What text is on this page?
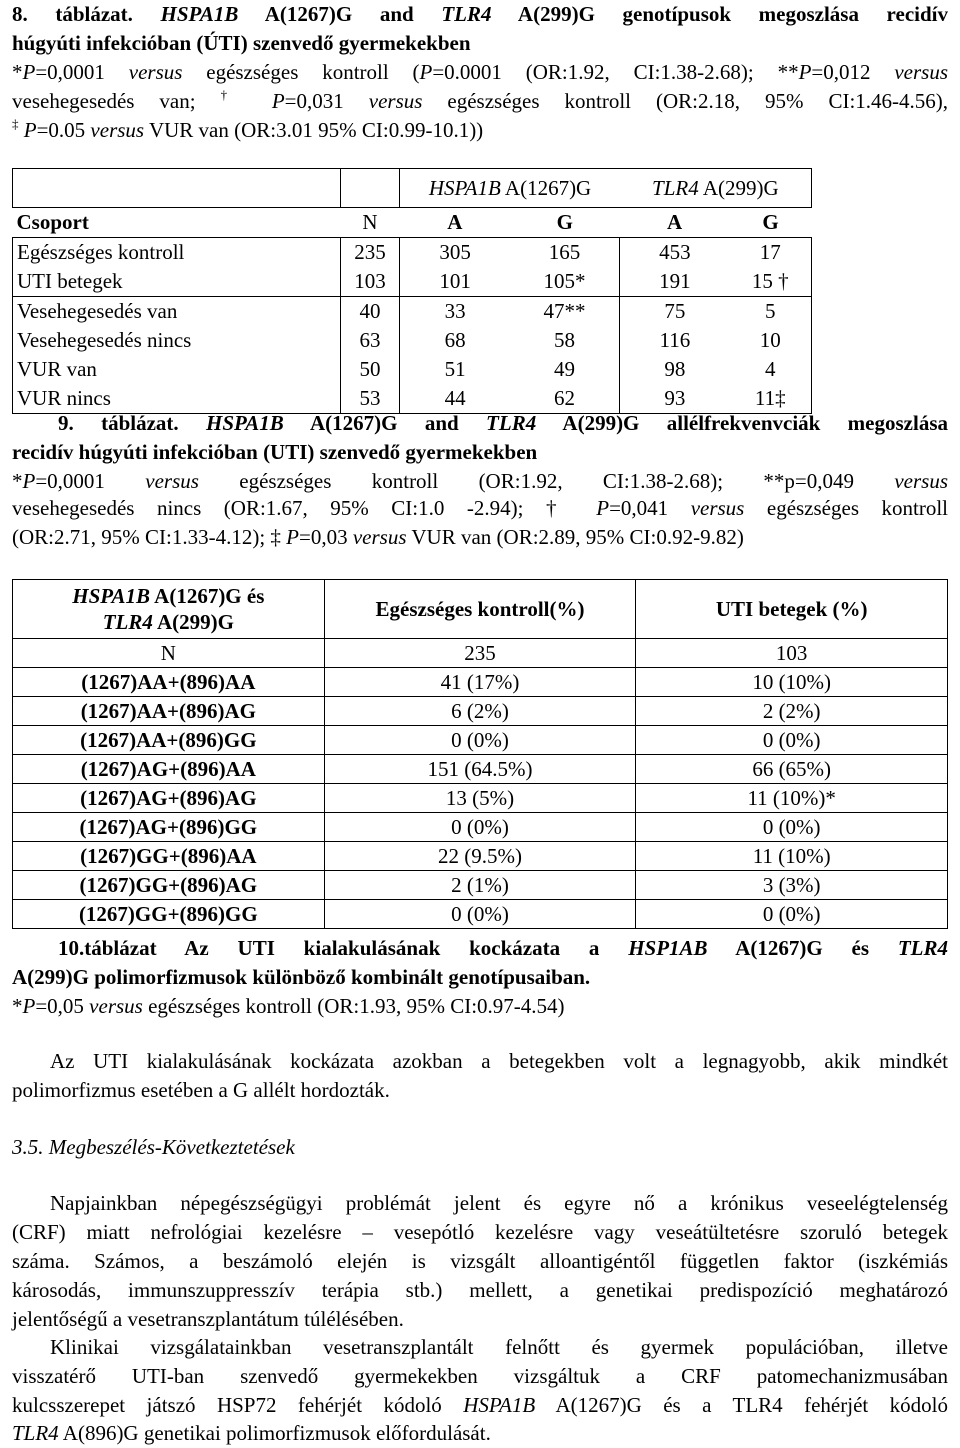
8. táblázat. HSPA1B A(1267)G and TLR4 A(299)G genotípusok megoszlása recidív
húgyúti infekcióban (ÚTI) szenvedő gyermekekben
*P=0,0001 versus egészséges kontroll (P=0.0001 (OR:1.92, CI:1.38-2.68); **P=0,012 versus
vesehegesedés van; † P=0,031 versus egészséges kontroll (OR:2.18, 95% CI:1.46-4.56),
‡ P=0.05 versus VUR van (OR:3.01 95% CI:0.99-10.1))
		HSPA1B A(1267)G		TLR4 A(299)G	
Csoport	N	A	G	A	G
Egészséges kontroll	235	305	165	453	17
UTI betegek	103	101	105*	191	15 †
Vesehegesedés van	40	33	47**	75	5
Vesehegesedés nincs	63	68	58	116	10
VUR van	50	51	49	98	4
VUR nincs	53	44	62	93	11‡
9. táblázat. HSPA1B A(1267)G and TLR4 A(299)G allélfrekvenvciák megoszlása
recidív húgyúti infekcióban (UTI) szenvedő gyermekekben
*P=0,0001 versus egészséges kontroll (OR:1.92, CI:1.38-2.68); **p=0,049 versus
vesehegesedés nincs (OR:1.67, 95% CI:1.0 -2.94); † P=0,041 versus egészséges kontroll
(OR:2.71, 95% CI:1.33-4.12); ‡ P=0,03 versus VUR van (OR:2.89, 95% CI:0.92-9.82)
HSPA1B A(1267)G és
TLR4 A(299)G	Egészséges kontroll(%)	UTI betegek (%)
N	235	103
(1267)AA+(896)AA	41 (17%)	10 (10%)
(1267)AA+(896)AG	6 (2%)	2 (2%)
(1267)AA+(896)GG	0 (0%)	0 (0%)
(1267)AG+(896)AA	151 (64.5%)	66 (65%)
(1267)AG+(896)AG	13 (5%)	11 (10%)*
(1267)AG+(896)GG	0 (0%)	0 (0%)
(1267)GG+(896)AA	22 (9.5%)	11 (10%)
(1267)GG+(896)AG	2 (1%)	3 (3%)
(1267)GG+(896)GG	0 (0%)	0 (0%)
10.táblázat Az UTI kialakulásának kockázata a HSP1AB A(1267)G és TLR4
A(299)G polimorfizmusok különböző kombinált genotípusaiban.
*P=0,05 versus egészséges kontroll (OR:1.93, 95% CI:0.97-4.54)
Az UTI kialakulásának kockázata azokban a betegekben volt a legnagyobb, akik mindkét
polimorfizmus esetében a G allélt hordozták.
3.5. Megbeszélés-Következtetések
Napjainkban népegészségügyi problémát jelent és egyre nő a krónikus veseelégtelenség
(CRF) miatt nefrológiai kezelésre – vesepótló kezelésre vagy veseátültetésre szoruló betegek
száma. Számos, a beszámoló elején is vizsgált alloantigéntől független faktor (iszkémiás
károsodás, immunszuppresszív terápia stb.) mellett, a genetikai predispozíció meghatározó
jelentőségű a vesetranszplantátum túlélésében.
Klinikai vizsgálatainkban vesetranszplantált felnőtt és gyermek populációban, illetve
visszatérő UTI-ban szenvedő gyermekekben vizsgáltuk a CRF patomechanizmusában
kulcsszerepet játszó HSP72 fehérjét kódoló HSPA1B A(1267)G és a TLR4 fehérjét kódoló
TLR4 A(896)G genetikai polimorfizmusok előfordulását.
